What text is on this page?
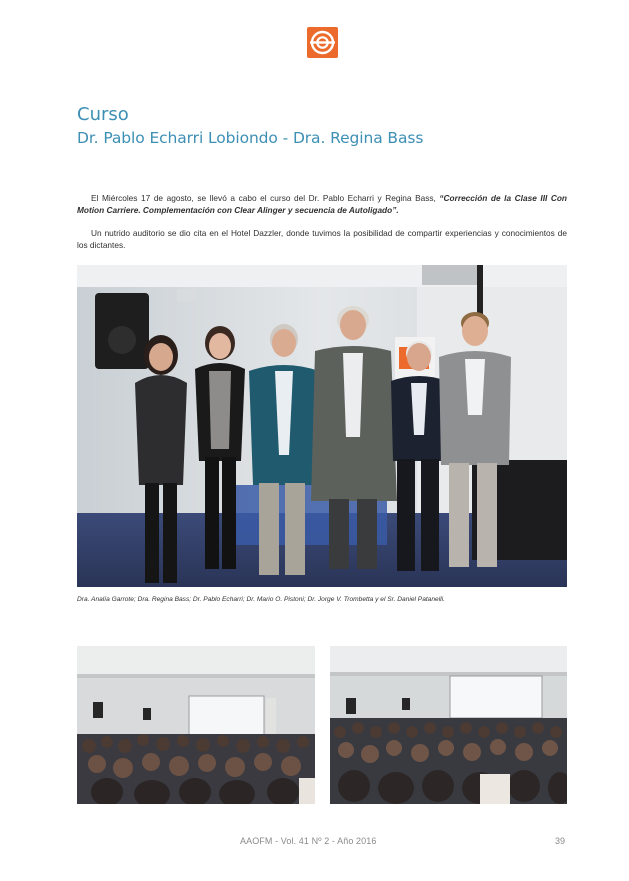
Curso
Dr. Pablo Echarri Lobiondo - Dra. Regina Bass

El Miércoles 17 de agosto, se llevó a cabo el curso del Dr. Pablo Echarri y Regina Bass, “Corrección de la Clase III Con Motion Carriere. Complementación con Clear Alinger y secuencia de Autoligado”.

Un nutrido auditorio se dio cita en el Hotel Dazzler, donde tuvimos la posibilidad de compartir experiencias y conocimientos de los dictantes.

Dra. Analía Garrote; Dra. Regina Bass; Dr. Pablo Echarri; Dr. Mario O. Pistoni; Dr. Jorge V. Trombetta y el Sr. Daniel Patanelli.
AAOFM - Vol. 41 Nº 2 - Año 2016	39
